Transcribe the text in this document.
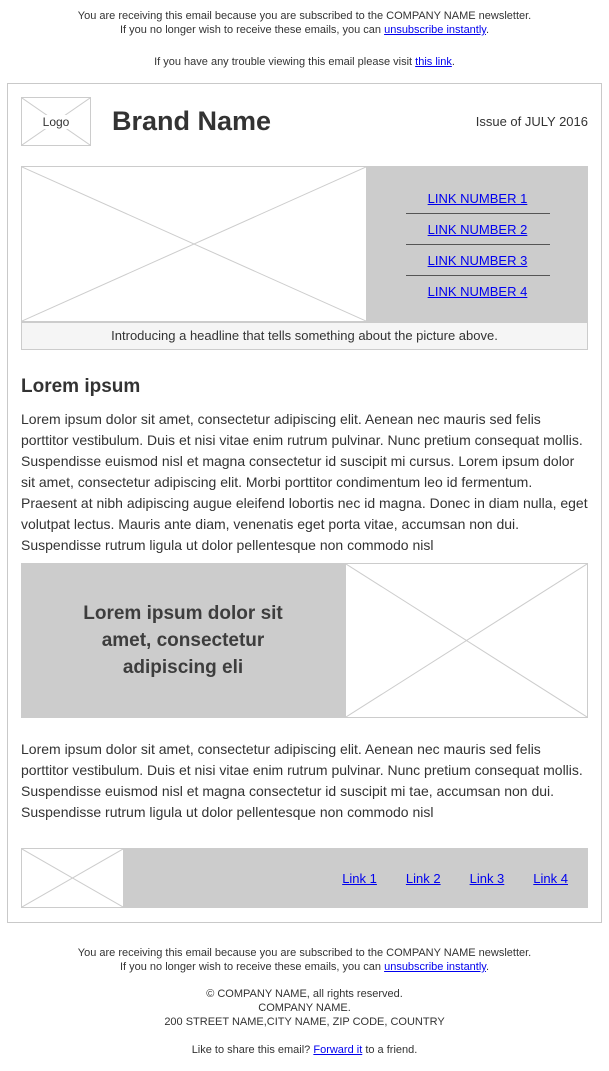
You are receiving this email because you are subscribed to the COMPANY NAME newsletter.
If you no longer wish to receive these emails, you can unsubscribe instantly.
If you have any trouble viewing this email please visit this link.
Logo Brand Name	Issue of JULY 2016
LINK NUMBER 1
LINK NUMBER 2
LINK NUMBER 3
LINK NUMBER 4
Introducing a headline that tells something about the picture above.
Lorem ipsum

Lorem ipsum dolor sit amet, consectetur adipiscing elit. Aenean nec mauris sed felis porttitor vestibulum. Duis et nisi vitae enim rutrum pulvinar. Nunc pretium consequat mollis. Suspendisse euismod nisl et magna consectetur id suscipit mi cursus. Lorem ipsum dolor sit amet, consectetur adipiscing elit. Morbi porttitor condimentum leo id fermentum. Praesent at nibh adipiscing augue eleifend lobortis nec id magna. Donec in diam nulla, eget volutpat lectus. Mauris ante diam, venenatis eget porta vitae, accumsan non dui. Suspendisse rutrum ligula ut dolor pellentesque non commodo nisl

Lorem ipsum dolor sit amet, consectetur adipiscing eli

Lorem ipsum dolor sit amet, consectetur adipiscing elit. Aenean nec mauris sed felis porttitor vestibulum. Duis et nisi vitae enim rutrum pulvinar. Nunc pretium consequat mollis. Suspendisse euismod nisl et magna consectetur id suscipit mi tae, accumsan non dui. Suspendisse rutrum ligula ut dolor pellentesque non commodo nisl

Link 1 Link 2 Link 3 Link 4
You are receiving this email because you are subscribed to the COMPANY NAME newsletter.
If you no longer wish to receive these emails, you can unsubscribe instantly.
© COMPANY NAME, all rights reserved.
COMPANY NAME.
200 STREET NAME,CITY NAME, ZIP CODE, COUNTRY
Like to share this email? Forward it to a friend.
